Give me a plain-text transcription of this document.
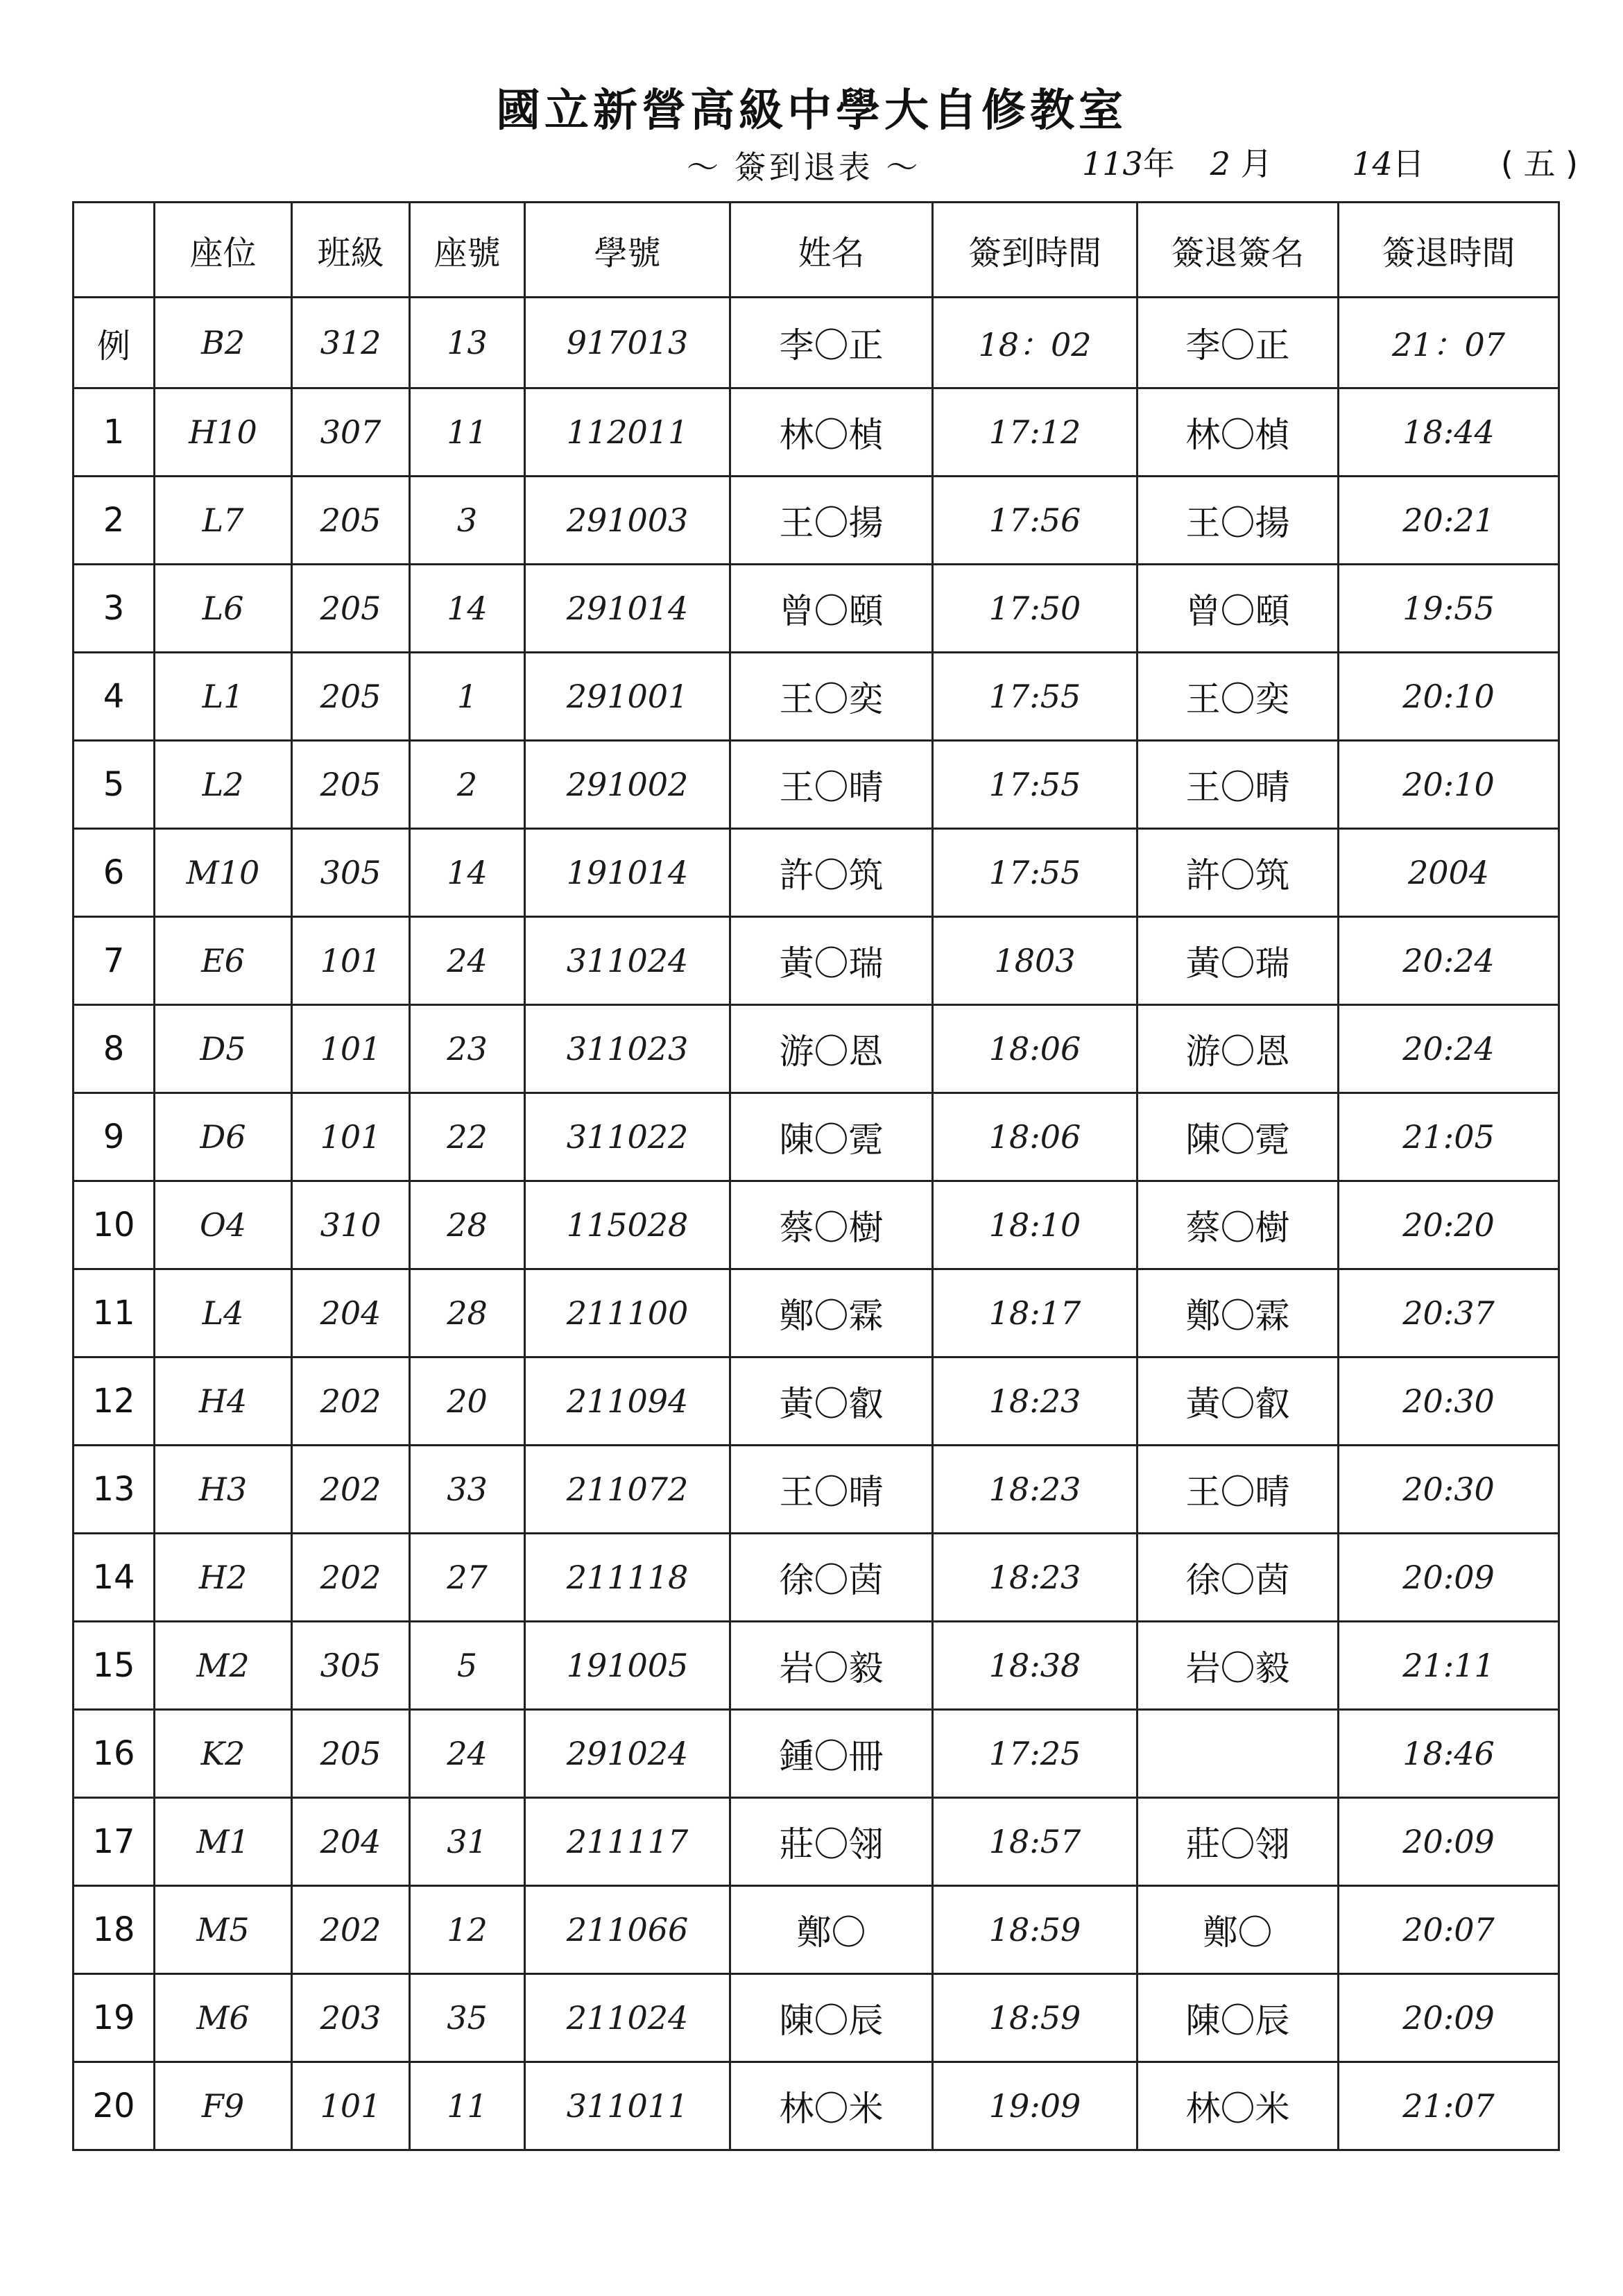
國立新營高級中學大自修教室
～ 簽到退表 ～	113年 2 月 14日 ( 五 )
	座位	班級	座號	學號	姓名	簽到時間	簽退簽名	簽退時間
例	B2	312	13	917013	李〇正	18：02	李〇正	21：07
1	H10	307	11	112011	林〇楨	17:12	林〇楨	18:44
2	L7	205	3	291003	王〇揚	17:56	王〇揚	20:21
3	L6	205	14	291014	曾〇頤	17:50	曾〇頤	19:55
4	L1	205	1	291001	王〇奕	17:55	王〇奕	20:10
5	L2	205	2	291002	王〇晴	17:55	王〇晴	20:10
6	M10	305	14	191014	許〇筑	17:55	許〇筑	2004
7	E6	101	24	311024	黃〇瑞	1803	黃〇瑞	20:24
8	D5	101	23	311023	游〇恩	18:06	游〇恩	20:24
9	D6	101	22	311022	陳〇霓	18:06	陳〇霓	21:05
10	O4	310	28	115028	蔡〇樹	18:10	蔡〇樹	20:20
11	L4	204	28	211100	鄭〇霖	18:17	鄭〇霖	20:37
12	H4	202	20	211094	黃〇叡	18:23	黃〇叡	20:30
13	H3	202	33	211072	王〇晴	18:23	王〇晴	20:30
14	H2	202	27	211118	徐〇茵	18:23	徐〇茵	20:09
15	M2	305	5	191005	岩〇毅	18:38	岩〇毅	21:11
16	K2	205	24	291024	鍾〇冊	17:25		18:46
17	M1	204	31	211117	莊〇翎	18:57	莊〇翎	20:09
18	M5	202	12	211066	鄭〇	18:59	鄭〇	20:07
19	M6	203	35	211024	陳〇辰	18:59	陳〇辰	20:09
20	F9	101	11	311011	林〇米	19:09	林〇米	21:07
